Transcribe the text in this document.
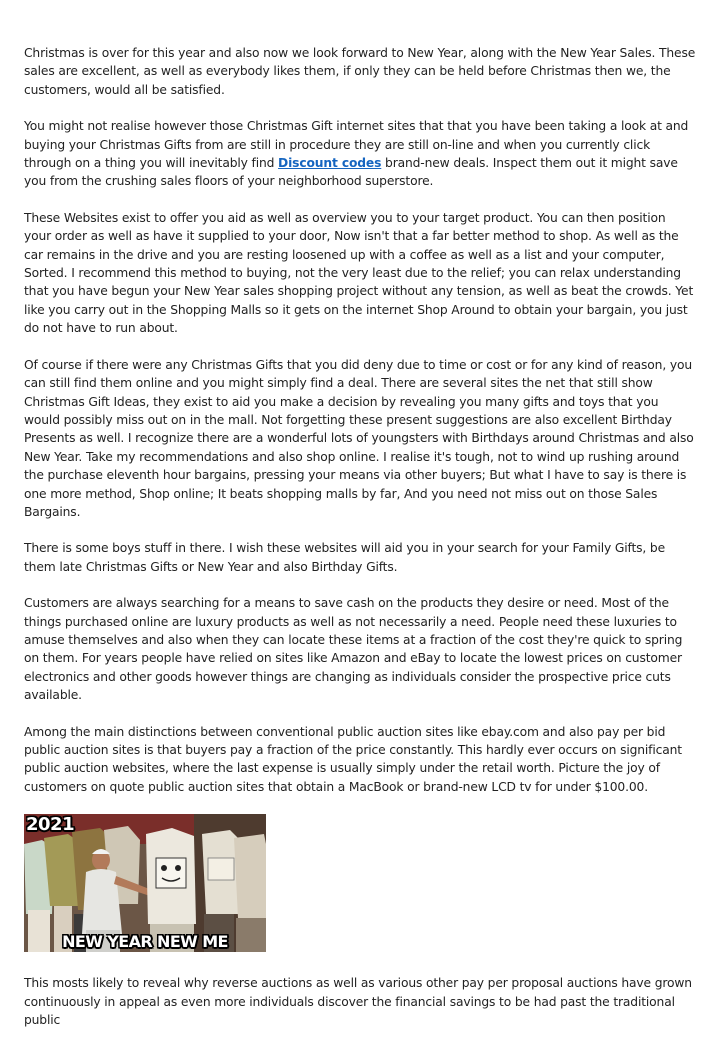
Christmas is over for this year and also now we look forward to New Year, along with the New Year Sales. These sales are excellent, as well as everybody likes them, if only they can be held before Christmas then we, the customers, would all be satisfied.

You might not realise however those Christmas Gift internet sites that that you have been taking a look at and buying your Christmas Gifts from are still in procedure they are still on-line and when you currently click through on a thing you will inevitably find Discount codes brand-new deals. Inspect them out it might save you from the crushing sales floors of your neighborhood superstore.

These Websites exist to offer you aid as well as overview you to your target product. You can then position your order as well as have it supplied to your door, Now isn't that a far better method to shop. As well as the car remains in the drive and you are resting loosened up with a coffee as well as a list and your computer, Sorted. I recommend this method to buying, not the very least due to the relief; you can relax understanding that you have begun your New Year sales shopping project without any tension, as well as beat the crowds. Yet like you carry out in the Shopping Malls so it gets on the internet Shop Around to obtain your bargain, you just do not have to run about.

Of course if there were any Christmas Gifts that you did deny due to time or cost or for any kind of reason, you can still find them online and you might simply find a deal. There are several sites the net that still show Christmas Gift Ideas, they exist to aid you make a decision by revealing you many gifts and toys that you would possibly miss out on in the mall. Not forgetting these present suggestions are also excellent Birthday Presents as well. I recognize there are a wonderful lots of youngsters with Birthdays around Christmas and also New Year. Take my recommendations and also shop online. I realise it's tough, not to wind up rushing around the purchase eleventh hour bargains, pressing your means via other buyers; But what I have to say is there is one more method, Shop online; It beats shopping malls by far, And you need not miss out on those Sales Bargains.

There is some boys stuff in there. I wish these websites will aid you in your search for your Family Gifts, be them late Christmas Gifts or New Year and also Birthday Gifts.

Customers are always searching for a means to save cash on the products they desire or need. Most of the things purchased online are luxury products as well as not necessarily a need. People need these luxuries to amuse themselves and also when they can locate these items at a fraction of the cost they're quick to spring on them. For years people have relied on sites like Amazon and eBay to locate the lowest prices on customer electronics and other goods however things are changing as individuals consider the prospective price cuts available.

Among the main distinctions between conventional public auction sites like ebay.com and also pay per bid public auction sites is that buyers pay a fraction of the price constantly. This hardly ever occurs on significant public auction websites, where the last expense is usually simply under the retail worth. Picture the joy of customers on quote public auction sites that obtain a MacBook or brand-new LCD tv for under $100.00.

2021
NEW YEAR NEW ME

This mosts likely to reveal why reverse auctions as well as various other pay per proposal auctions have grown continuously in appeal as even more individuals discover the financial savings to be had past the traditional public
